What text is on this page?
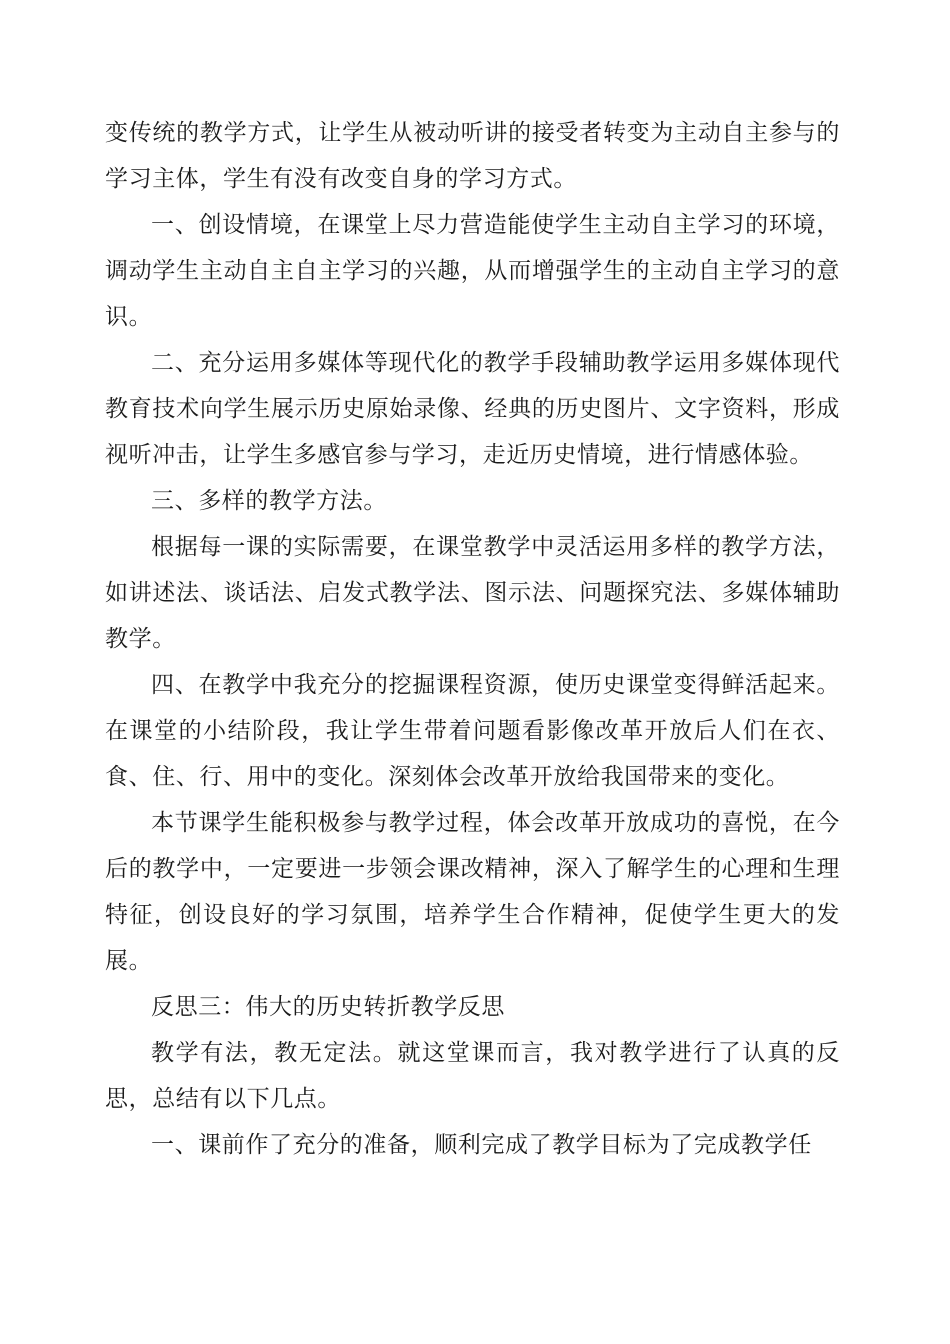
变传统的教学方式，让学生从被动听讲的接受者转变为主动自主参与的学习主体，学生有没有改变自身的学习方式。

一、创设情境，在课堂上尽力营造能使学生主动自主学习的环境，调动学生主动自主自主学习的兴趣，从而增强学生的主动自主学习的意识。

二、充分运用多媒体等现代化的教学手段辅助教学运用多媒体现代教育技术向学生展示历史原始录像、经典的历史图片、文字资料，形成视听冲击，让学生多感官参与学习，走近历史情境，进行情感体验。

三、多样的教学方法。

根据每一课的实际需要，在课堂教学中灵活运用多样的教学方法，如讲述法、谈话法、启发式教学法、图示法、问题探究法、多媒体辅助教学。

四、在教学中我充分的挖掘课程资源，使历史课堂变得鲜活起来。在课堂的小结阶段，我让学生带着问题看影像改革开放后人们在衣、食、住、行、用中的变化。深刻体会改革开放给我国带来的变化。

本节课学生能积极参与教学过程，体会改革开放成功的喜悦，在今后的教学中，一定要进一步领会课改精神，深入了解学生的心理和生理特征，创设良好的学习氛围，培养学生合作精神，促使学生更大的发展。

反思三：伟大的历史转折教学反思

教学有法，教无定法。就这堂课而言，我对教学进行了认真的反思，总结有以下几点。

一、课前作了充分的准备，顺利完成了教学目标为了完成教学任
